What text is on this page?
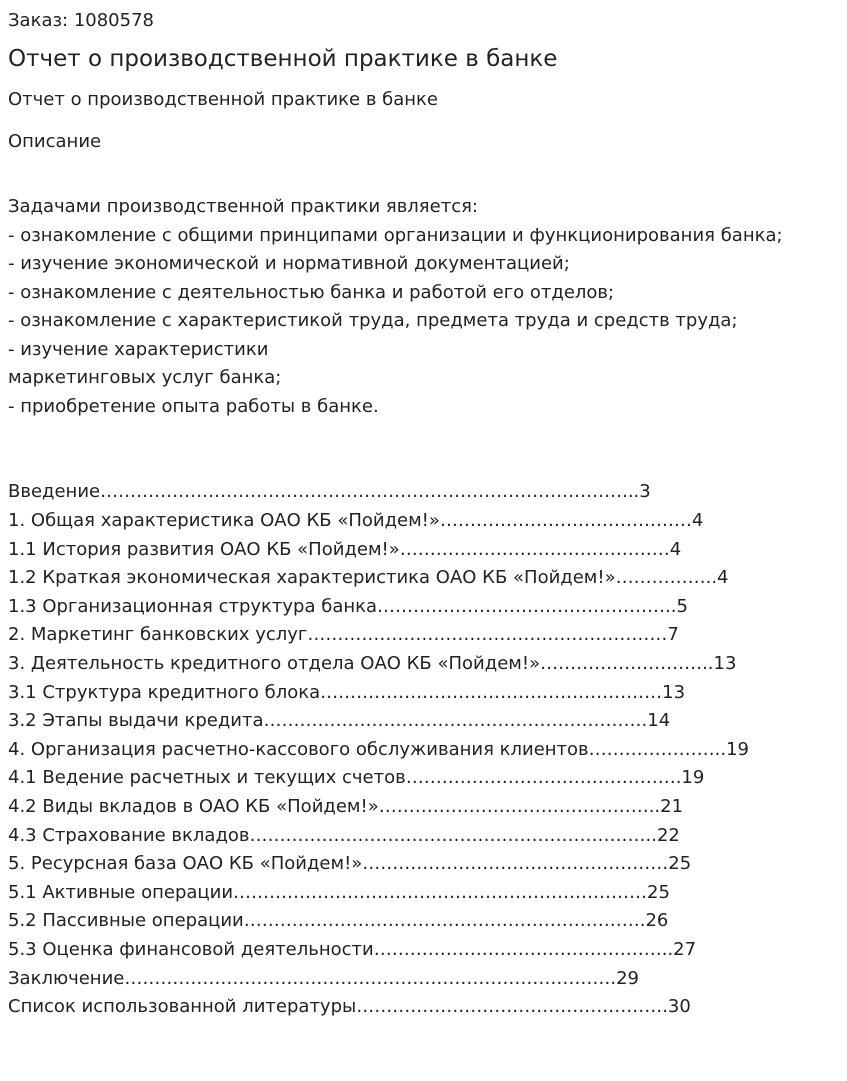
Заказ: 1080578
Отчет о производственной практике в банке
Отчет о производственной практике в банке
Описание
Задачами производственной практики является:
- ознакомление с общими принципами организации и функционирования банка;
- изучение экономической и нормативной документацией;
- ознакомление с деятельностью банка и работой его отделов;
- ознакомление с характеристикой труда, предмета труда и средств труда;
- изучение характеристики
маркетинговых услуг банка;
- приобретение опыта работы в банке.
Введение……………………………………………………………………………...3
1. Общая характеристика ОАО КБ «Пойдем!»……………………………………4
1.1 История развития ОАО КБ «Пойдем!»………………………………………4
1.2 Краткая экономическая характеристика ОАО КБ «Пойдем!»……………..4
1.3 Организационная структура банка…………………………………………..5
2. Маркетинг банковских услуг……………………………………………………7
3. Деятельность кредитного отдела ОАО КБ «Пойдем!»………………………..13
3.1 Структура кредитного блока…………………………………………………13
3.2 Этапы выдачи кредита……………………………………………………….14
4. Организация расчетно-кассового обслуживания клиентов…………………..19
4.1 Ведение расчетных и текущих счетов……………………………………….19
4.2 Виды вкладов в ОАО КБ «Пойдем!»………………………………………..21
4.3 Страхование вкладов…………………………………………………………..22
5. Ресурсная база ОАО КБ «Пойдем!»……………………………………………25
5.1 Активные операции……………………………………………………………25
5.2 Пассивные операции………………………………………………………….26
5.3 Оценка финансовой деятельности…………………………………………..27
Заключение……………………………………………………………………….29
Список использованной литературы…………………………………………….30
